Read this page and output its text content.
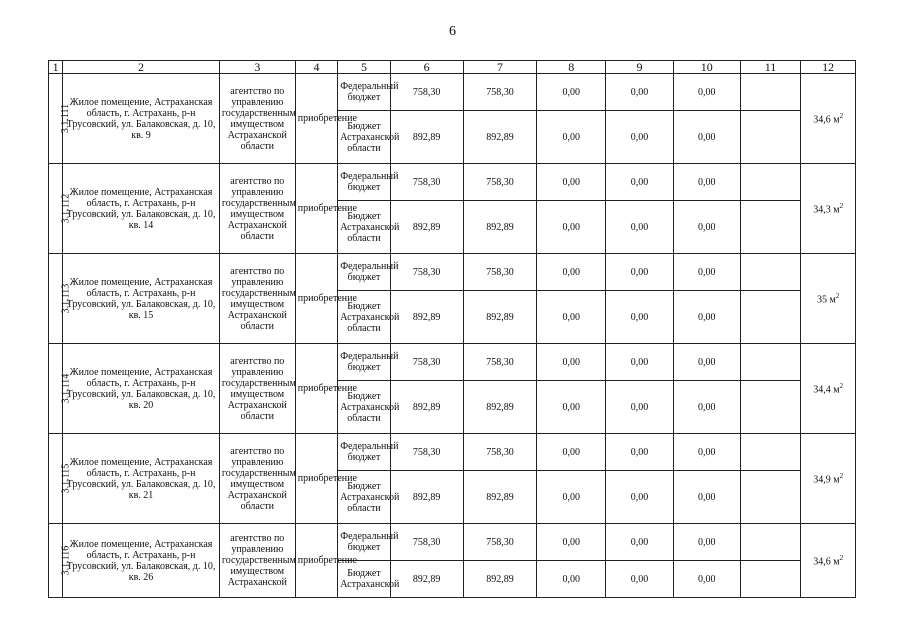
6
1	2	3	4	5	6	7	8	9	10	11	12
3.1.111	Жилое помещение, Астраханская область, г. Астрахань, р-н Трусовский, ул. Балаковская, д. 10, кв. 9	агентство по управлению государственным имуществом Астраханской области	приобретение	Федеральный бюджет	758,30	758,30	0,00	0,00	0,00		34,6 $м^2$
				Бюджет Астраханской области	892,89	892,89	0,00	0,00	0,00		
3.1.112	Жилое помещение, Астраханская область, г. Астрахань, р-н Трусовский, ул. Балаковская, д. 10, кв. 14	агентство по управлению государственным имуществом Астраханской области	приобретение	Федеральный бюджет	758,30	758,30	0,00	0,00	0,00		34,3 $м^2$
				Бюджет Астраханской области	892,89	892,89	0,00	0,00	0,00		
3.1.113	Жилое помещение, Астраханская область, г. Астрахань, р-н Трусовский, ул. Балаковская, д. 10, кв. 15	агентство по управлению государственным имуществом Астраханской области	приобретение	Федеральный бюджет	758,30	758,30	0,00	0,00	0,00		35 $м^2$
				Бюджет Астраханской области	892,89	892,89	0,00	0,00	0,00		
3.1.114	Жилое помещение, Астраханская область, г. Астрахань, р-н Трусовский, ул. Балаковская, д. 10, кв. 20	агентство по управлению государственным имуществом Астраханской области	приобретение	Федеральный бюджет	758,30	758,30	0,00	0,00	0,00		34,4 $м^2$
				Бюджет Астраханской области	892,89	892,89	0,00	0,00	0,00		
3.1.115	Жилое помещение, Астраханская область, г. Астрахань, р-н Трусовский, ул. Балаковская, д. 10, кв. 21	агентство по управлению государственным имуществом Астраханской области	приобретение	Федеральный бюджет	758,30	758,30	0,00	0,00	0,00		34,9 $м^2$
				Бюджет Астраханской области	892,89	892,89	0,00	0,00	0,00		
3.1.116	Жилое помещение, Астраханская область, г. Астрахань, р-н Трусовский, ул. Балаковская, д. 10, кв. 26	агентство по управлению государственным имуществом Астраханской	приобретение	Федеральный бюджет	758,30	758,30	0,00	0,00	0,00		34,6 $м^2$
				Бюджет Астраханской	892,89	892,89	0,00	0,00	0,00		
